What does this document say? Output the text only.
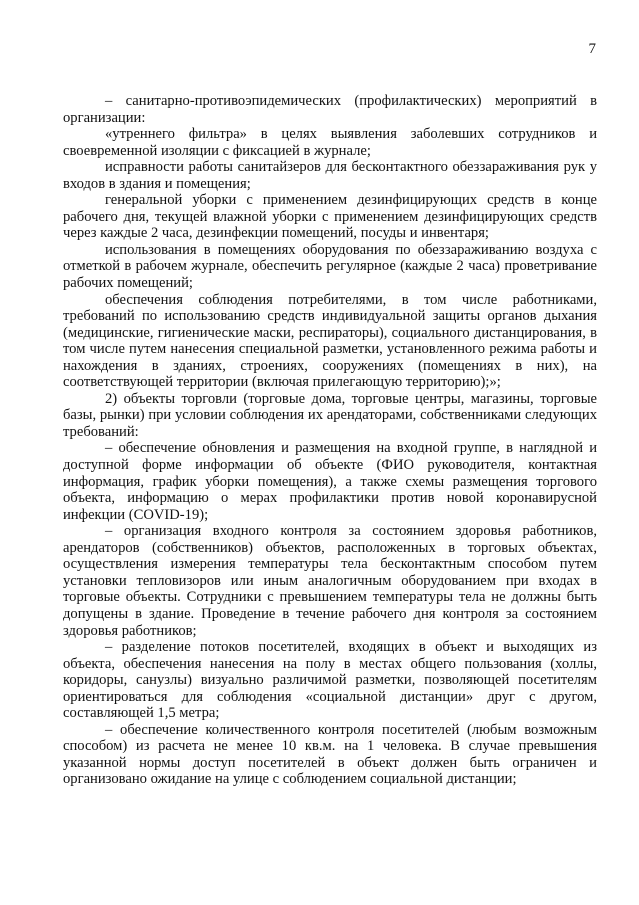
7

– санитарно-противоэпидемических (профилактических) мероприятий в организации:

«утреннего фильтра» в целях выявления заболевших сотрудников и своевременной изоляции с фиксацией в журнале;

исправности работы санитайзеров для бесконтактного обеззараживания рук у входов в здания и помещения;

генеральной уборки с применением дезинфицирующих средств в конце рабочего дня, текущей влажной уборки с применением дезинфицирующих средств через каждые 2 часа, дезинфекции помещений, посуды и инвентаря;

использования в помещениях оборудования по обеззараживанию воздуха с отметкой в рабочем журнале, обеспечить регулярное (каждые 2 часа) проветривание рабочих помещений;

обеспечения соблюдения потребителями, в том числе работниками, требований по использованию средств индивидуальной защиты органов дыхания (медицинские, гигиенические маски, респираторы), социального дистанцирования, в том числе путем нанесения специальной разметки, установленного режима работы и нахождения в зданиях, строениях, сооружениях (помещениях в них), на соответствующей территории (включая прилегающую территорию);»;

2) объекты торговли (торговые дома, торговые центры, магазины, торговые базы, рынки) при условии соблюдения их арендаторами, собственниками следующих требований:

– обеспечение обновления и размещения на входной группе, в наглядной и доступной форме информации об объекте (ФИО руководителя, контактная информация, график уборки помещения), а также схемы размещения торгового объекта, информацию о мерах профилактики против новой коронавирусной инфекции (COVID-19);

– организация входного контроля за состоянием здоровья работников, арендаторов (собственников) объектов, расположенных в торговых объектах, осуществления измерения температуры тела бесконтактным способом путем установки тепловизоров или иным аналогичным оборудованием при входах в торговые объекты. Сотрудники с превышением температуры тела не должны быть допущены в здание. Проведение в течение рабочего дня контроля за состоянием здоровья работников;

– разделение потоков посетителей, входящих в объект и выходящих из объекта, обеспечения нанесения на полу в местах общего пользования (холлы, коридоры, санузлы) визуально различимой разметки, позволяющей посетителям ориентироваться для соблюдения «социальной дистанции» друг с другом, составляющей 1,5 метра;

– обеспечение количественного контроля посетителей (любым возможным способом) из расчета не менее 10 кв.м. на 1 человека. В случае превышения указанной нормы доступ посетителей в объект должен быть ограничен и организовано ожидание на улице с соблюдением социальной дистанции;
